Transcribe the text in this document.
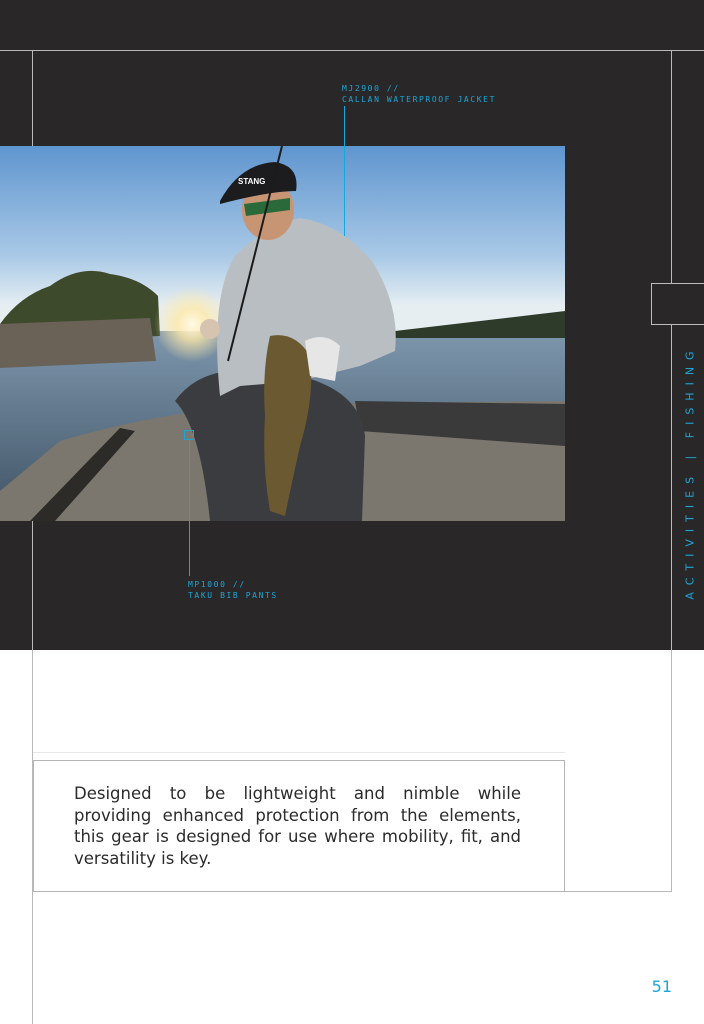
STANG
MJ2900 //
CALLAN WATERPROOF JACKET
MP1000 //
TAKU BIB PANTS	ACTIVITIES | FISHING

Designed to be lightweight and nimble while providing enhanced protection from the elements, this gear is designed for use where mobility, fit, and versatility is key.

51
